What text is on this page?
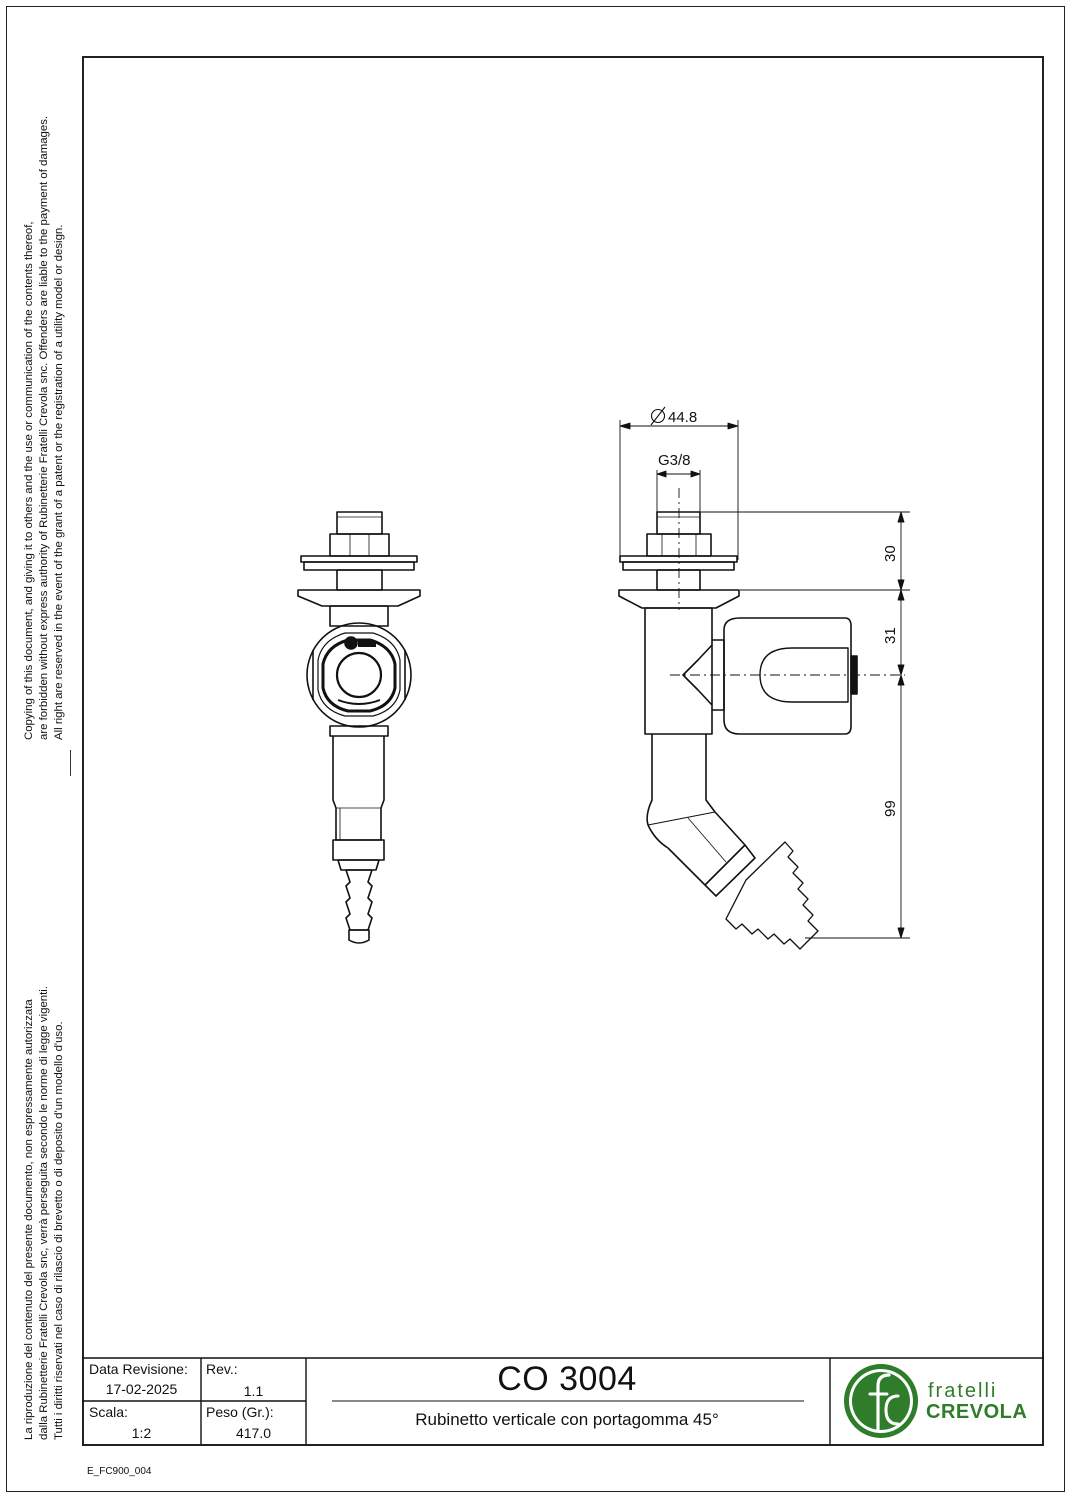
Copying of this document, and giving it to others and the use or communication of the contents thereof, are forbidden without express authority of Rubinetterie Fratelli Crevola snc. Offenders are liable to the payment of damages. All right are reserved in the event of the grant of a patent or the registration of a utility model or design.
La riproduzione del contenuto del presente documento, non espressamente autorizzata dalla Rubinetterie Fratelli Crevola snc, verrà perseguita secondo le norme di legge vigenti. Tutti i diritti riservati nel caso di rilascio di brevetto o di deposito d'un modello d'uso.
44.8
G3/8
30
31
99
Data Revisione:
17-02-2025
Rev.:
1.1
Scala:
1:2
Peso (Gr.):
417.0
CO 3004
Rubinetto verticale con portagomma 45°
fratelli
CREVOLA
E_FC900_004
